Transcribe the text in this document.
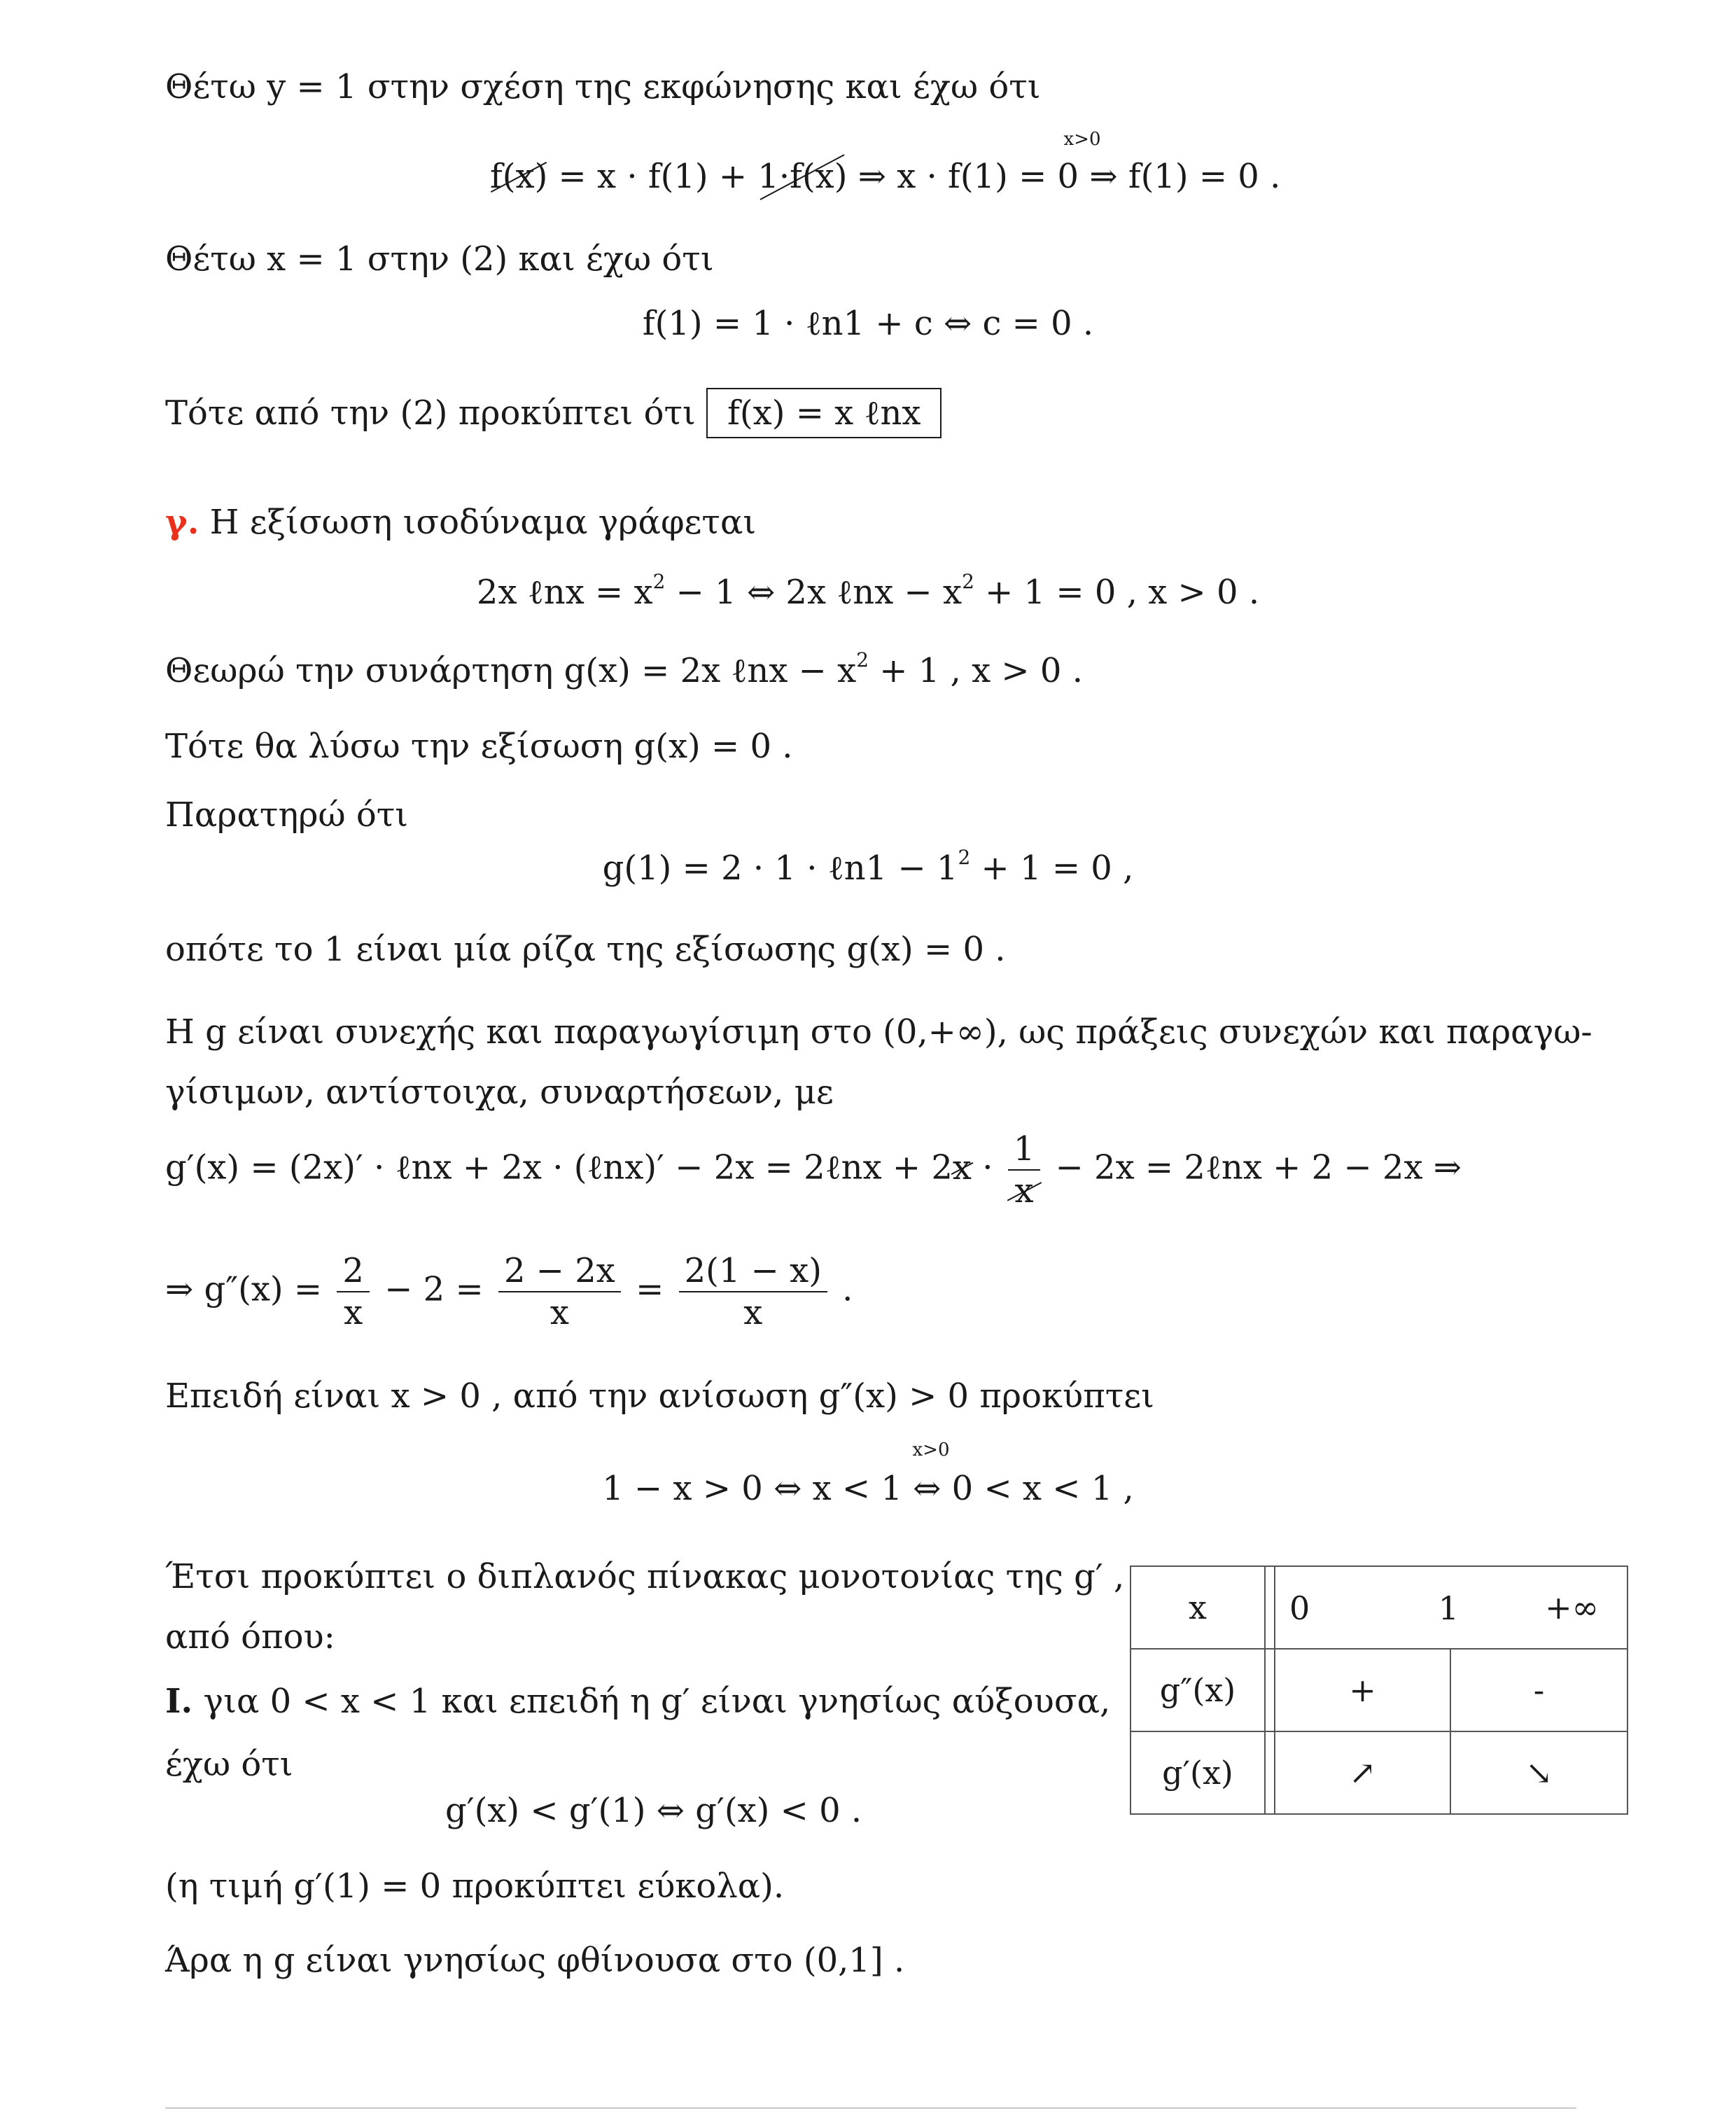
Θέτω y = 1 στην σχέση της εκφώνησης και έχω ότι
x>0
f(x) = x · f(1) + 1·f(x) ⇒ x · f(1) = 0 ⇒ f(1) = 0 .
Θέτω x = 1 στην (2) και έχω ότι
f(1) = 1 · ℓn1 + c ⇔ c = 0 .
Τότε από την (2) προκύπτει ότι f(x) = x ℓnx
γ. Η εξίσωση ισοδύναμα γράφεται
2x ℓnx = $x^2 - 1$ ⇔ 2x ℓnx − $x^2 + 1 = 0$ , x > 0 .
Θεωρώ την συνάρτηση g(x) = 2x ℓnx − $x^2 + 1$ , x > 0 .
Τότε θα λύσω την εξίσωση g(x) = 0 .
Παρατηρώ ότι
g(1) = 2 · 1 · ℓn1 − $1^2 + 1 = 0$ ,
οπότε το 1 είναι μία ρίζα της εξίσωσης g(x) = 0 .
Η g είναι συνεχής και παραγωγίσιμη στο (0,+∞), ως πράξεις συνεχών και παραγω-
γίσιμων, αντίστοιχα, συναρτήσεων, με
g′(x) = (2x)′ · ℓnx + 2x · (ℓnx)′ − 2x = 2ℓnx + $2x \cdot \frac{1}{x} - 2x$ = 2ℓnx + 2 − 2x ⇒
⇒ $g''(x) = \frac{2}{x} - 2 = \frac{2 - 2x}{x} = \frac{2(1 - x)}{x}$ .
Επειδή είναι x > 0 , από την ανίσωση g″(x) > 0 προκύπτει
x>0
1 − x > 0 ⇔ x < 1 ⇔ 0 < x < 1 ,
Έτσι προκύπτει ο διπλανός πίνακας μονοτονίας της g′ ,
από όπου:
Ι. για 0 < x < 1 και επειδή η g′ είναι γνησίως αύξουσα,
έχω ότι
g′(x) < g′(1) ⇔ g′(x) < 0 .
(η τιμή g′(1) = 0 προκύπτει εύκολα).
Άρα η g είναι γνησίως φθίνουσα στο (0,1] .
x		0 1	+∞
g″(x)		+	-
g′(x)		↗	↘
